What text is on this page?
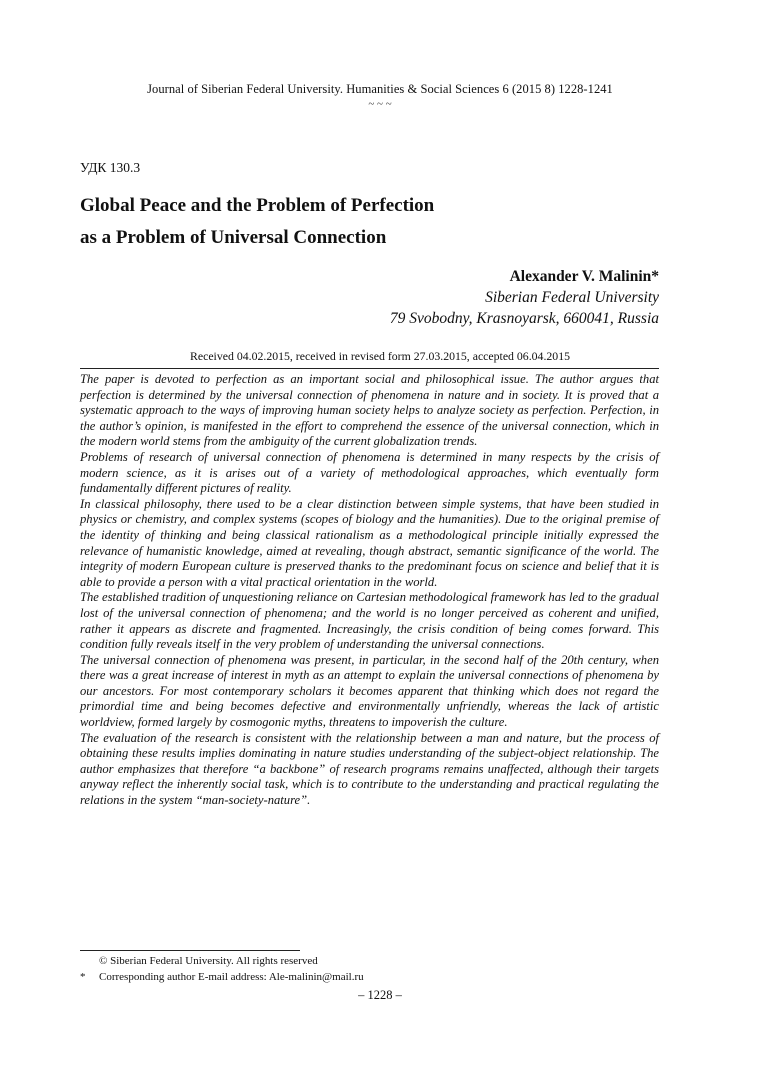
Journal of Siberian Federal University. Humanities & Social Sciences 6 (2015 8) 1228-1241
~ ~ ~
УДК 130.3
Global Peace and the Problem of Perfection
as a Problem of Universal Connection
Alexander V. Malinin*
Siberian Federal University
79 Svobodny, Krasnoyarsk, 660041, Russia
Received 04.02.2015, received in revised form 27.03.2015, accepted 06.04.2015

The paper is devoted to perfection as an important social and philosophical issue. The author argues that perfection is determined by the universal connection of phenomena in nature and in society. It is proved that a systematic approach to the ways of improving human society helps to analyze society as perfection. Perfection, in the author’s opinion, is manifested in the effort to comprehend the essence of the universal connection, which in the modern world stems from the ambiguity of the current globalization trends.

Problems of research of universal connection of phenomena is determined in many respects by the crisis of modern science, as it is arises out of a variety of methodological approaches, which eventually form fundamentally different pictures of reality.

In classical philosophy, there used to be a clear distinction between simple systems, that have been studied in physics or chemistry, and complex systems (scopes of biology and the humanities). Due to the original premise of the identity of thinking and being classical rationalism as a methodological principle initially expressed the relevance of humanistic knowledge, aimed at revealing, though abstract, semantic significance of the world. The integrity of modern European culture is preserved thanks to the predominant focus on science and belief that it is able to provide a person with a vital practical orientation in the world.

The established tradition of unquestioning reliance on Cartesian methodological framework has led to the gradual lost of the universal connection of phenomena; and the world is no longer perceived as coherent and unified, rather it appears as discrete and fragmented. Increasingly, the crisis condition of being comes forward. This condition fully reveals itself in the very problem of understanding the universal connections.

The universal connection of phenomena was present, in particular, in the second half of the 20th century, when there was a great increase of interest in myth as an attempt to explain the universal connections of phenomena by our ancestors. For most contemporary scholars it becomes apparent that thinking which does not regard the primordial time and being becomes defective and environmentally unfriendly, whereas the lack of artistic worldview, formed largely by cosmogonic myths, threatens to impoverish the culture.

The evaluation of the research is consistent with the relationship between a man and nature, but the process of obtaining these results implies dominating in nature studies understanding of the subject-object relationship. The author emphasizes that therefore “a backbone” of research programs remains unaffected, although their targets anyway reflect the inherently social task, which is to contribute to the understanding and practical regulating the relations in the system “man-society-nature”.

© Siberian Federal University. All rights reserved
*	Corresponding author E-mail address: Ale-malinin@mail.ru
– 1228 –
